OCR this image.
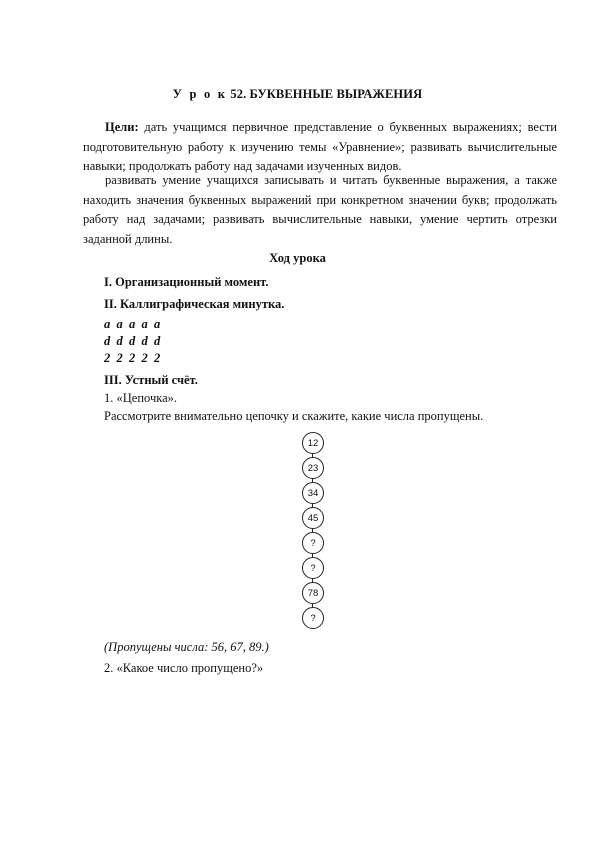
У р о к 52. БУКВЕННЫЕ ВЫРАЖЕНИЯ
Цели: дать учащимся первичное представление о буквенных выражениях; вести подготовительную работу к изучению темы «Уравнение»; развивать вычислительные навыки; продолжать работу над задачами изученных видов.
развивать умение учащихся записывать и читать буквенные выражения, а также находить значения буквенных выражений при конкретном значении букв; продолжать работу над задачами; развивать вычислительные навыки, умение чертить отрезки заданной длины.
Ход урока
I. Организационный момент.
II. Каллиграфическая минутка.
а  а  а  а  а
d  d  d  d  d
2  2  2  2  2
III. Устный счёт.
1. «Цепочка».
Рассмотрите внимательно цепочку и скажите, какие числа пропущены.
12
23
34
45
?
?
78
?
(Пропущены числа: 56, 67, 89.)
2. «Какое число пропущено?»
